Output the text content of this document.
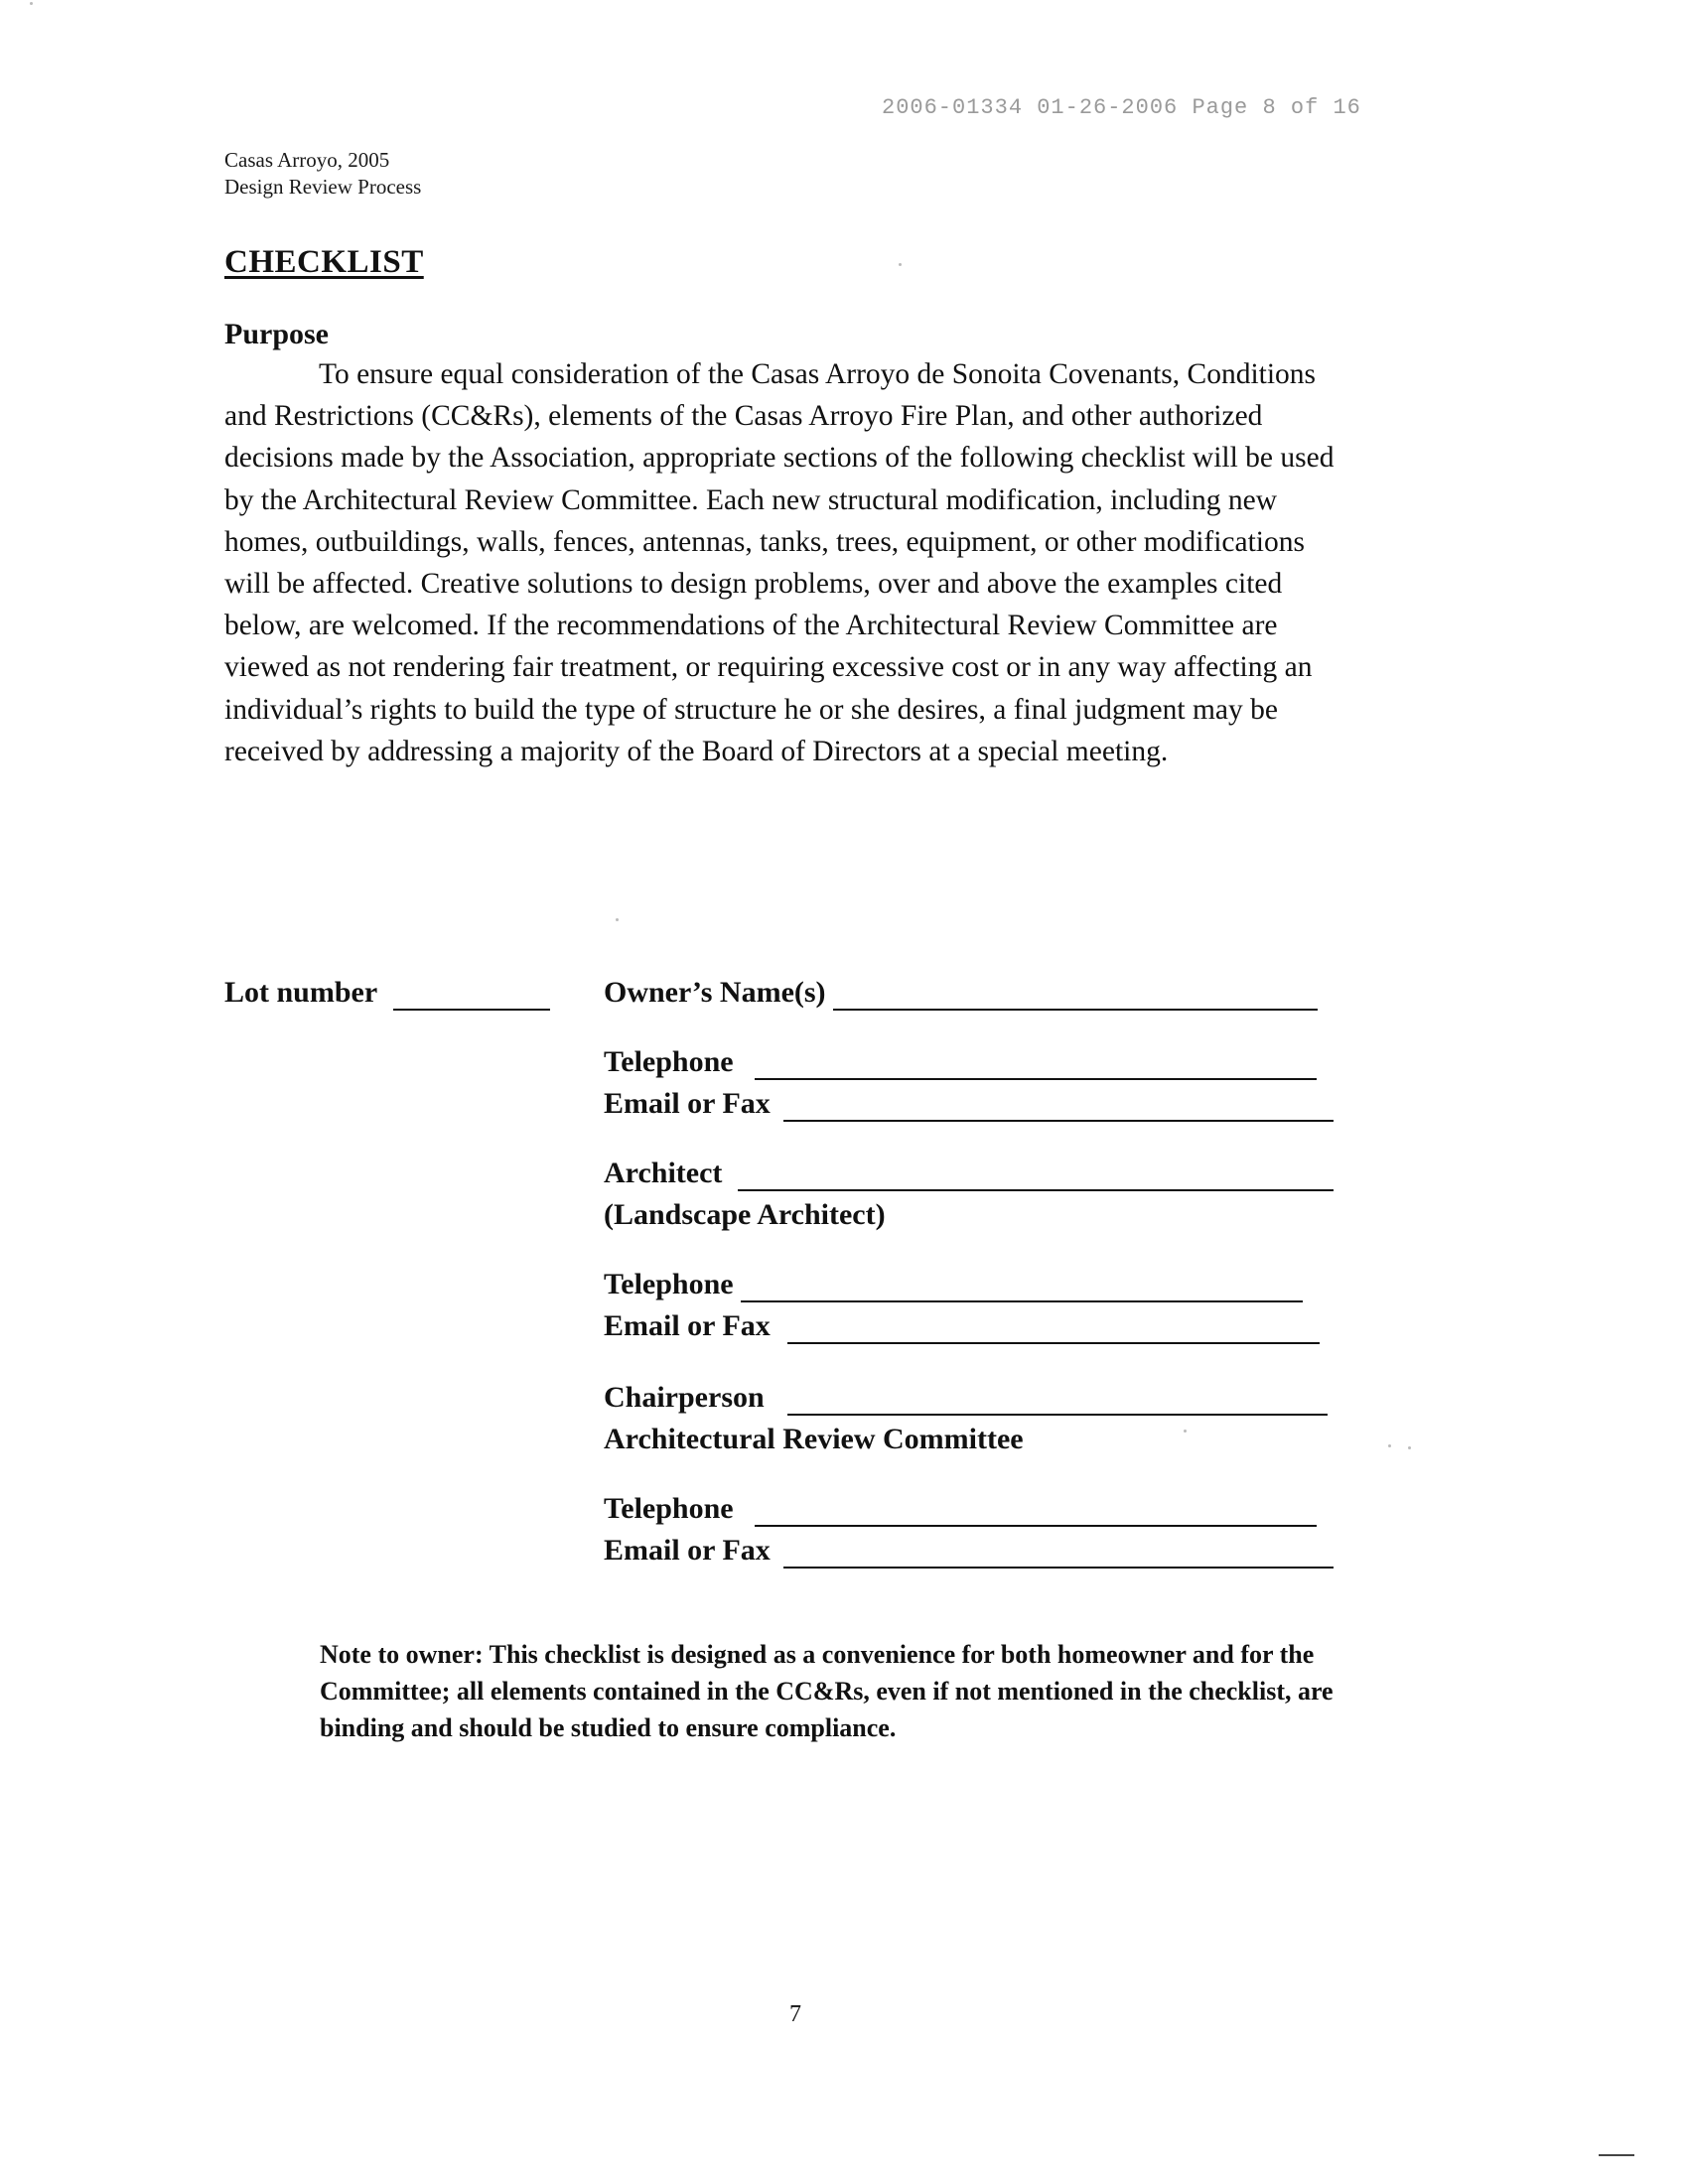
2006-01334 01-26-2006 Page 8 of 16
Casas Arroyo, 2005
Design Review Process
CHECKLIST
Purpose

To ensure equal consideration of the Casas Arroyo de Sonoita Covenants, Conditions and Restrictions (CC&Rs), elements of the Casas Arroyo Fire Plan, and other authorized decisions made by the Association, appropriate sections of the following checklist will be used by the Architectural Review Committee. Each new structural modification, including new homes, outbuildings, walls, fences, antennas, tanks, trees, equipment, or other modifications will be affected. Creative solutions to design problems, over and above the examples cited below, are welcomed. If the recommendations of the Architectural Review Committee are viewed as not rendering fair treatment, or requiring excessive cost or in any way affecting an individual’s rights to build the type of structure he or she desires, a final judgment may be received by addressing a majority of the Board of Directors at a special meeting.

Lot number	Owner’s Name(s)
Telephone
Email or Fax
Architect
(Landscape Architect)
Telephone
Email or Fax
Chairperson
Architectural Review Committee
Telephone
Email or Fax

Note to owner: This checklist is designed as a convenience for both homeowner and for the Committee; all elements contained in the CC&Rs, even if not mentioned in the checklist, are binding and should be studied to ensure compliance.

7
